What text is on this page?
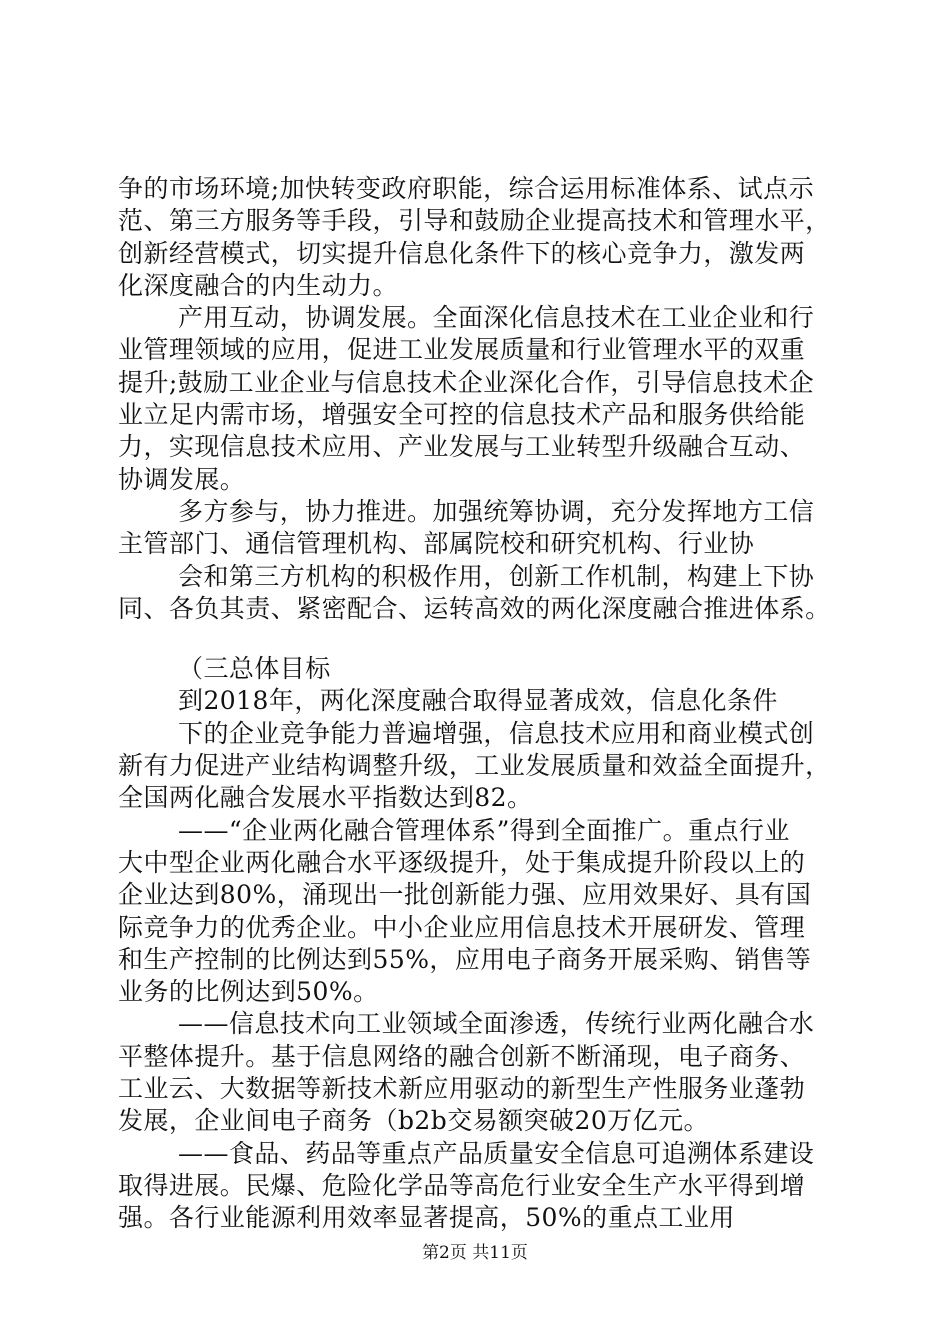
争的市场环境;加快转变政府职能，综合运用标准体系、试点示
范、第三方服务等手段，引导和鼓励企业提高技术和管理水平，
创新经营模式，切实提升信息化条件下的核心竞争力，激发两
化深度融合的内生动力。
产用互动，协调发展。全面深化信息技术在工业企业和行
业管理领域的应用，促进工业发展质量和行业管理水平的双重
提升;鼓励工业企业与信息技术企业深化合作，引导信息技术企
业立足内需市场，增强安全可控的信息技术产品和服务供给能
力，实现信息技术应用、产业发展与工业转型升级融合互动、
协调发展。
多方参与，协力推进。加强统筹协调，充分发挥地方工信
主管部门、通信管理机构、部属院校和研究机构、行业协
会和第三方机构的积极作用，创新工作机制，构建上下协
同、各负其责、紧密配合、运转高效的两化深度融合推进体系。
（三总体目标
到2018年，两化深度融合取得显著成效，信息化条件
下的企业竞争能力普遍增强，信息技术应用和商业模式创
新有力促进产业结构调整升级，工业发展质量和效益全面提升，
全国两化融合发展水平指数达到82。
——“企业两化融合管理体系”得到全面推广。重点行业
大中型企业两化融合水平逐级提升，处于集成提升阶段以上的
企业达到80%，涌现出一批创新能力强、应用效果好、具有国
际竞争力的优秀企业。中小企业应用信息技术开展研发、管理
和生产控制的比例达到55%，应用电子商务开展采购、销售等
业务的比例达到50%。
——信息技术向工业领域全面渗透，传统行业两化融合水
平整体提升。基于信息网络的融合创新不断涌现，电子商务、
工业云、大数据等新技术新应用驱动的新型生产性服务业蓬勃
发展，企业间电子商务（b2b交易额突破20万亿元。
——食品、药品等重点产品质量安全信息可追溯体系建设
取得进展。民爆、危险化学品等高危行业安全生产水平得到增
强。各行业能源利用效率显著提高，50%的重点工业用
第2页 共11页
